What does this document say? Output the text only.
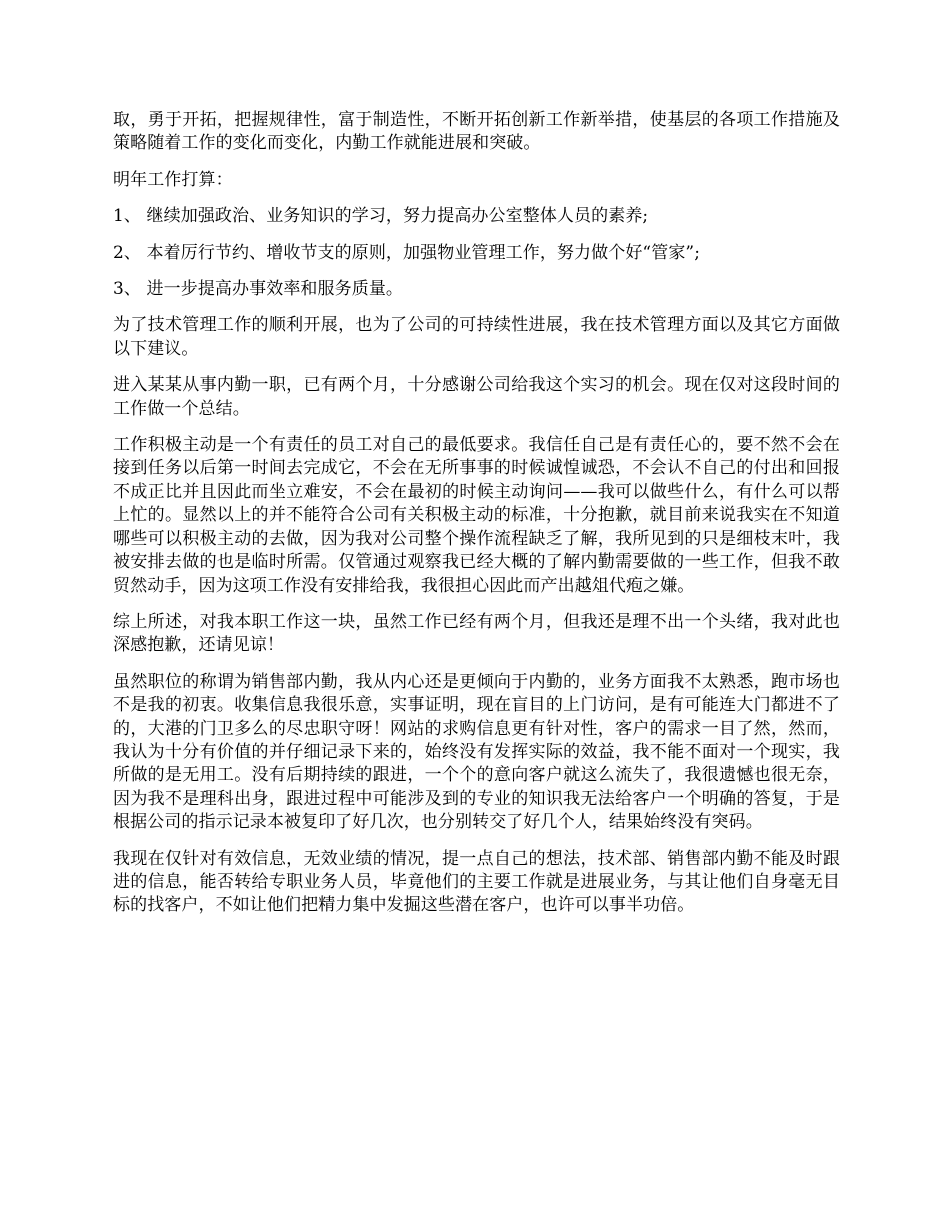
取，勇于开拓，把握规律性，富于制造性，不断开拓创新工作新举措，使基层的各项工作措施及策略随着工作的变化而变化，内勤工作就能进展和突破。

明年工作打算：

1、 继续加强政治、业务知识的学习，努力提高办公室整体人员的素养;
2、 本着厉行节约、增收节支的原则，加强物业管理工作，努力做个好“管家”;
3、 进一步提高办事效率和服务质量。

为了技术管理工作的顺利开展，也为了公司的可持续性进展，我在技术管理方面以及其它方面做以下建议。

进入某某从事内勤一职，已有两个月，十分感谢公司给我这个实习的机会。现在仅对这段时间的工作做一个总结。

工作积极主动是一个有责任的员工对自己的最低要求。我信任自己是有责任心的，要不然不会在接到任务以后第一时间去完成它，不会在无所事事的时候诚惶诚恐，不会认不自己的付出和回报不成正比并且因此而坐立难安，不会在最初的时候主动询问——我可以做些什么，有什么可以帮上忙的。显然以上的并不能符合公司有关积极主动的标准，十分抱歉，就目前来说我实在不知道哪些可以积极主动的去做，因为我对公司整个操作流程缺乏了解，我所见到的只是细枝末叶，我被安排去做的也是临时所需。仅管通过观察我已经大概的了解内勤需要做的一些工作，但我不敢贸然动手，因为这项工作没有安排给我，我很担心因此而产出越俎代疱之嫌。

综上所述，对我本职工作这一块，虽然工作已经有两个月，但我还是理不出一个头绪，我对此也深感抱歉，还请见谅！

虽然职位的称谓为销售部内勤，我从内心还是更倾向于内勤的，业务方面我不太熟悉，跑市场也不是我的初衷。收集信息我很乐意，实事证明，现在盲目的上门访问，是有可能连大门都进不了的，大港的门卫多么的尽忠职守呀！网站的求购信息更有针对性，客户的需求一目了然，然而，我认为十分有价值的并仔细记录下来的，始终没有发挥实际的效益，我不能不面对一个现实，我所做的是无用工。没有后期持续的跟进，一个个的意向客户就这么流失了，我很遗憾也很无奈，因为我不是理科出身，跟进过程中可能涉及到的专业的知识我无法给客户一个明确的答复，于是根据公司的指示记录本被复印了好几次，也分别转交了好几个人，结果始终没有突码。

我现在仅针对有效信息，无效业绩的情况，提一点自己的想法，技术部、销售部内勤不能及时跟进的信息，能否转给专职业务人员，毕竟他们的主要工作就是进展业务，与其让他们自身毫无目标的找客户，不如让他们把精力集中发掘这些潜在客户，也许可以事半功倍。
